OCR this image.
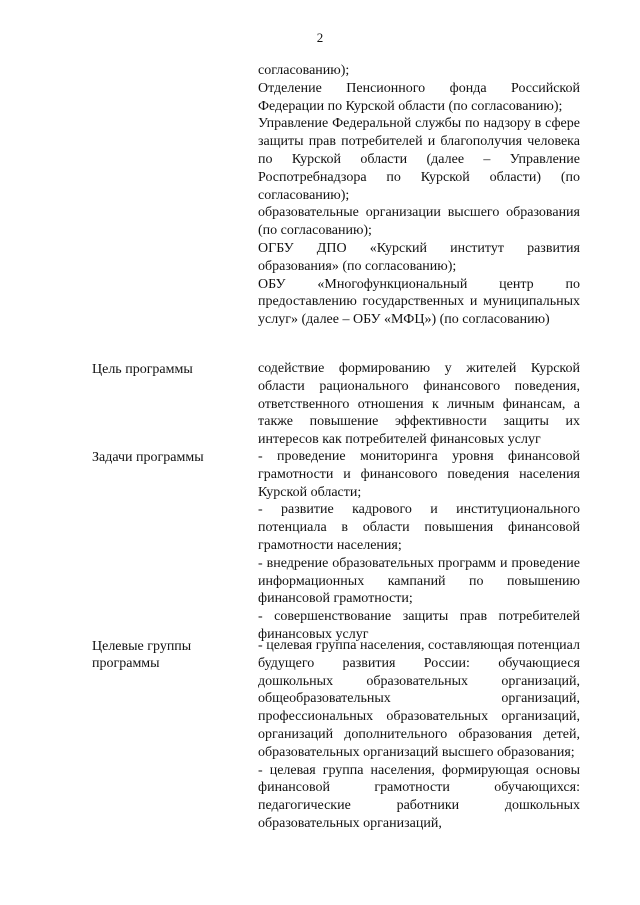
2
согласованию);
Отделение Пенсионного фонда Российской Федерации по Курской области (по согласованию);
Управление Федеральной службы по надзору в сфере защиты прав потребителей и благополучия человека по Курской области (далее – Управление Роспотребнадзора по Курской области) (по согласованию);
образовательные организации высшего образования (по согласованию);
ОГБУ ДПО «Курский институт развития образования» (по согласованию);
ОБУ «Многофункциональный центр по предоставлению государственных и муниципальных услуг» (далее – ОБУ «МФЦ») (по согласованию)
Цель программы	содействие формированию у жителей Курской области рационального финансового поведения, ответственного отношения к личным финансам, а также повышение эффективности защиты их интересов как потребителей финансовых услуг
Задачи программы	- проведение мониторинга уровня финансовой грамотности и финансового поведения населения Курской области;
- развитие кадрового и институционального потенциала в области повышения финансовой грамотности населения;
- внедрение образовательных программ и проведение информационных кампаний по повышению финансовой грамотности;
- совершенствование защиты прав потребителей финансовых услуг
Целевые группы программы
- целевая группа населения, составляющая потенциал будущего развития России: обучающиеся дошкольных образовательных организаций, общеобразовательных организаций, профессиональных образовательных организаций, организаций дополнительного образования детей, образовательных организаций высшего образования;
- целевая группа населения, формирующая основы финансовой грамотности обучающихся: педагогические работники дошкольных образовательных организаций,
